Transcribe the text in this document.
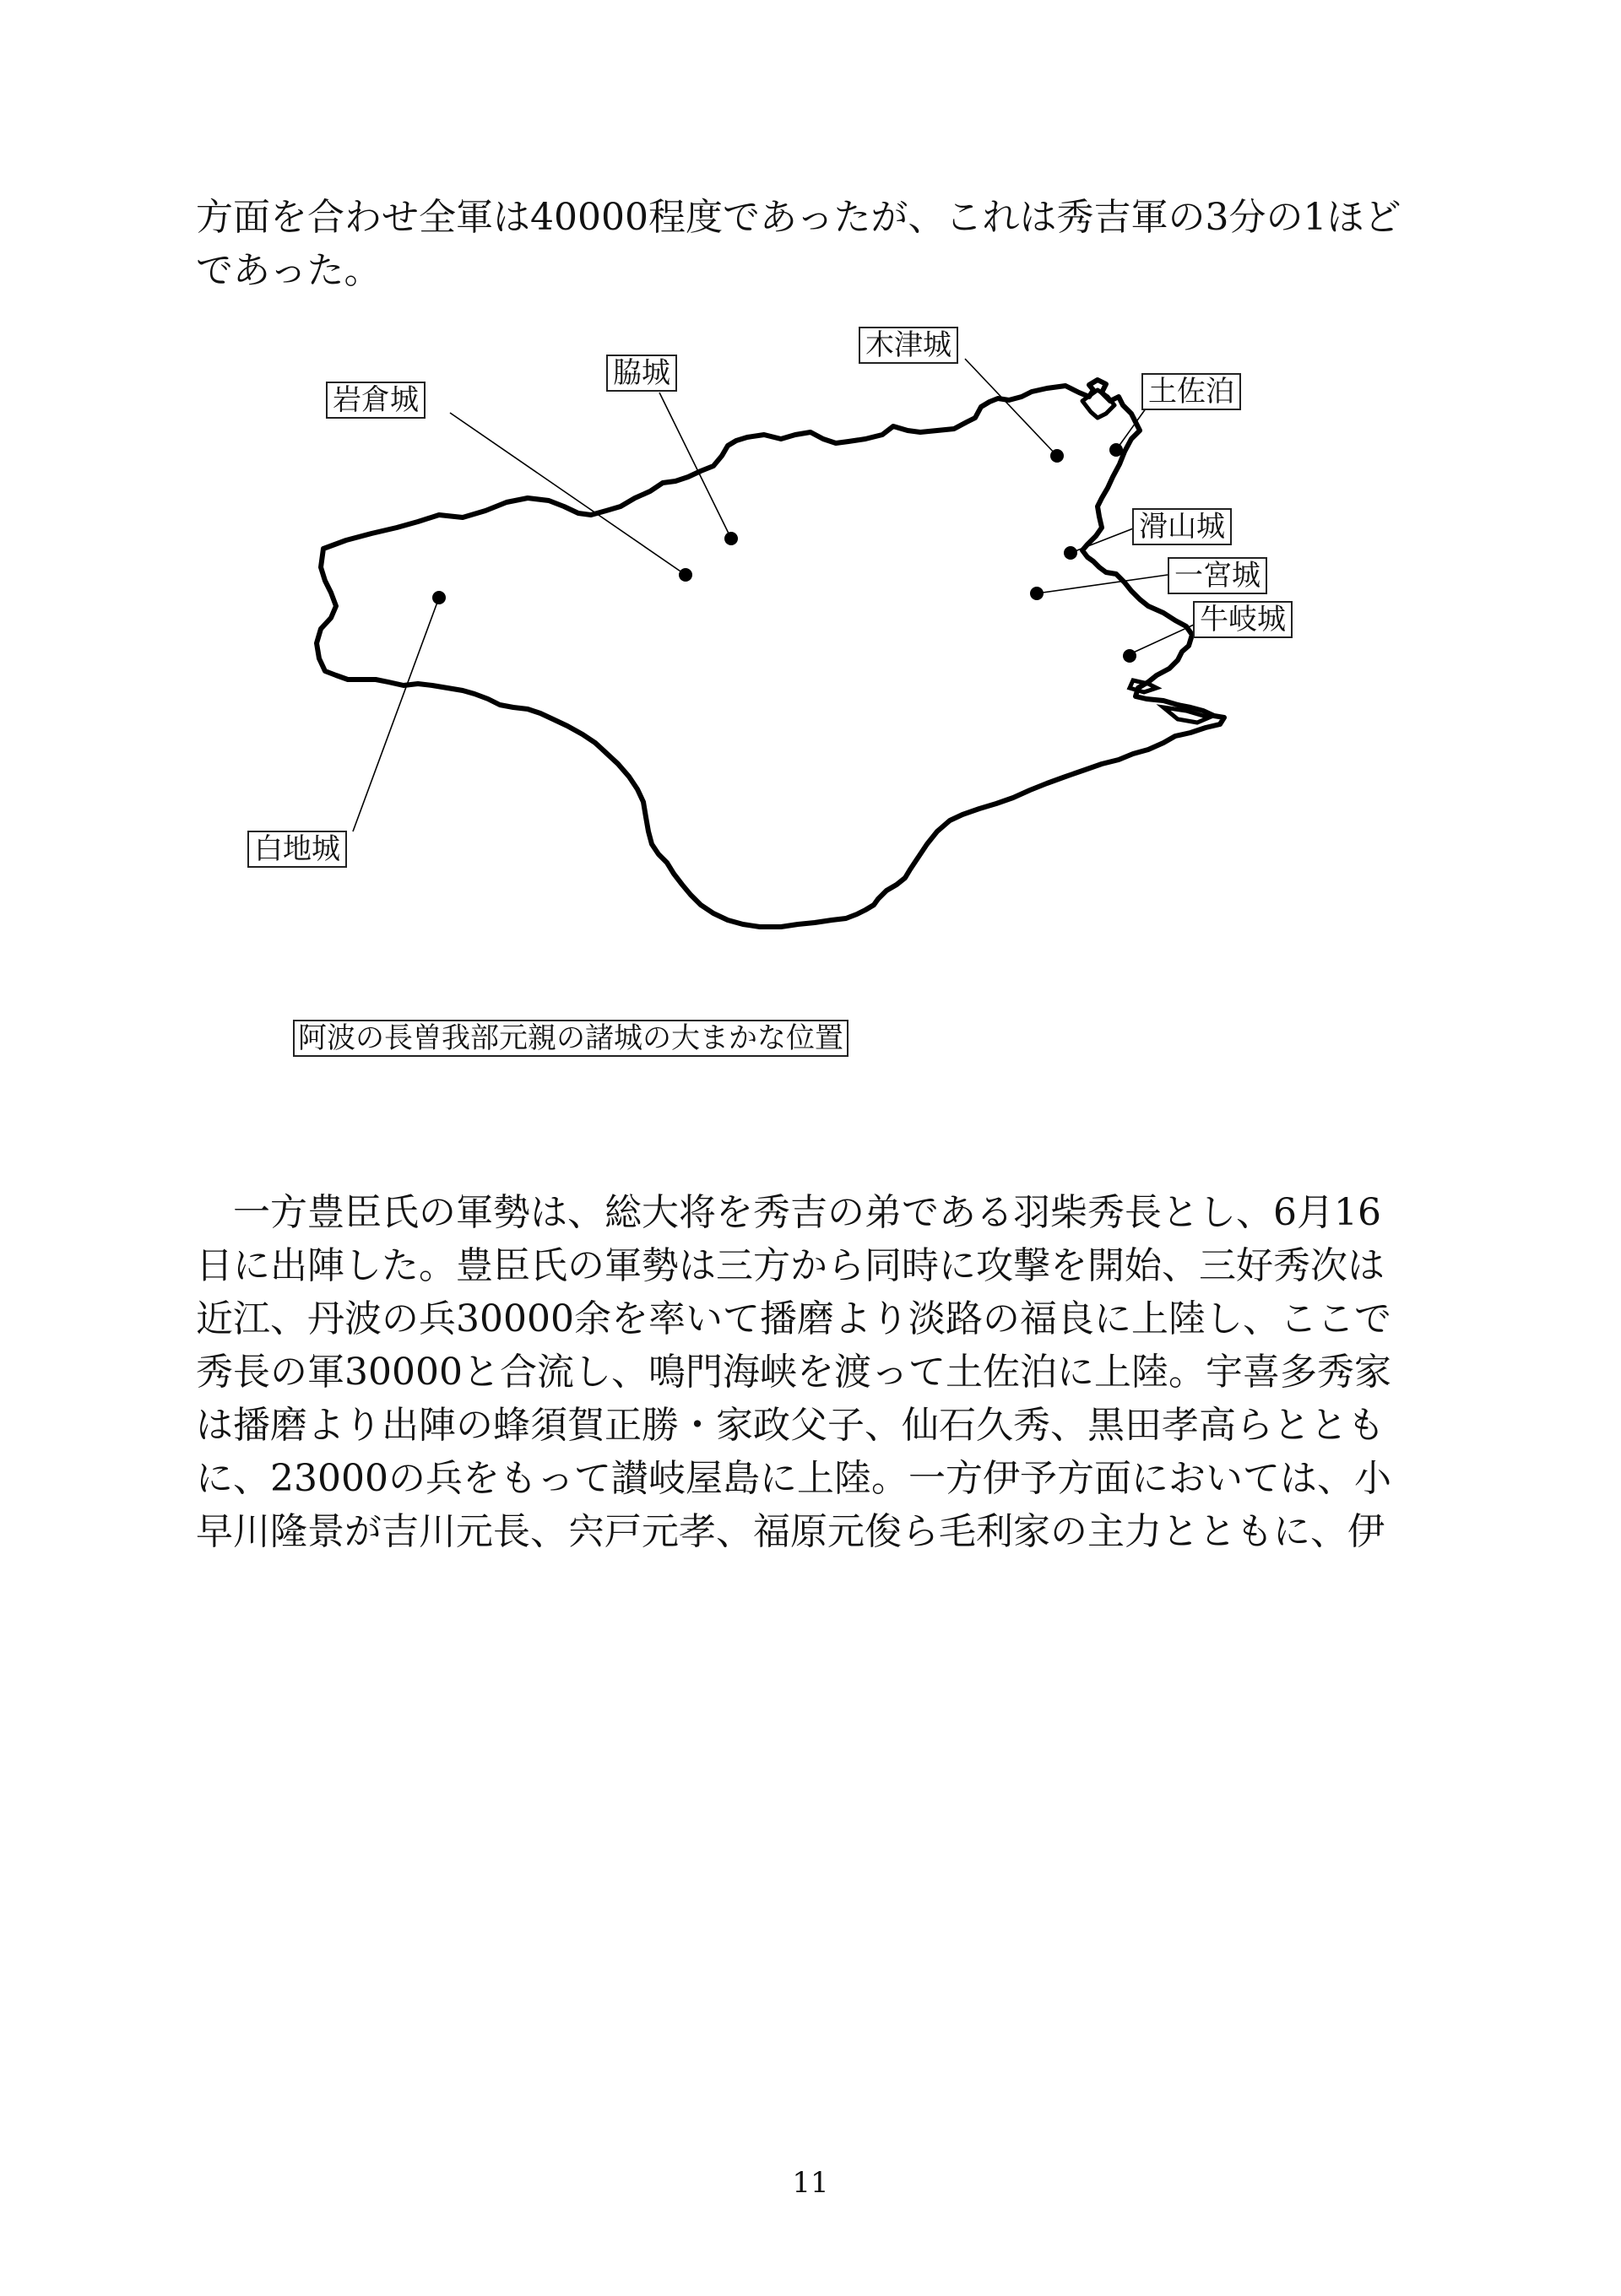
方面を合わせ全軍は40000程度であったが、これは秀吉軍の3分の1ほど
であった。
岩倉城
脇城
木津城
土佐泊
滑山城
一宮城
牛岐城
白地城
阿波の長曽我部元親の諸城の大まかな位置
　一方豊臣氏の軍勢は、総大将を秀吉の弟である羽柴秀長とし、6月16
日に出陣した。豊臣氏の軍勢は三方から同時に攻撃を開始、三好秀次は
近江、丹波の兵30000余を率いて播磨より淡路の福良に上陸し、ここで
秀長の軍30000と合流し、鳴門海峡を渡って土佐泊に上陸。宇喜多秀家
は播磨より出陣の蜂須賀正勝・家政父子、仙石久秀、黒田孝高らととも
に、23000の兵をもって讃岐屋島に上陸。一方伊予方面においては、小
早川隆景が吉川元長、宍戸元孝、福原元俊ら毛利家の主力とともに、伊
11
